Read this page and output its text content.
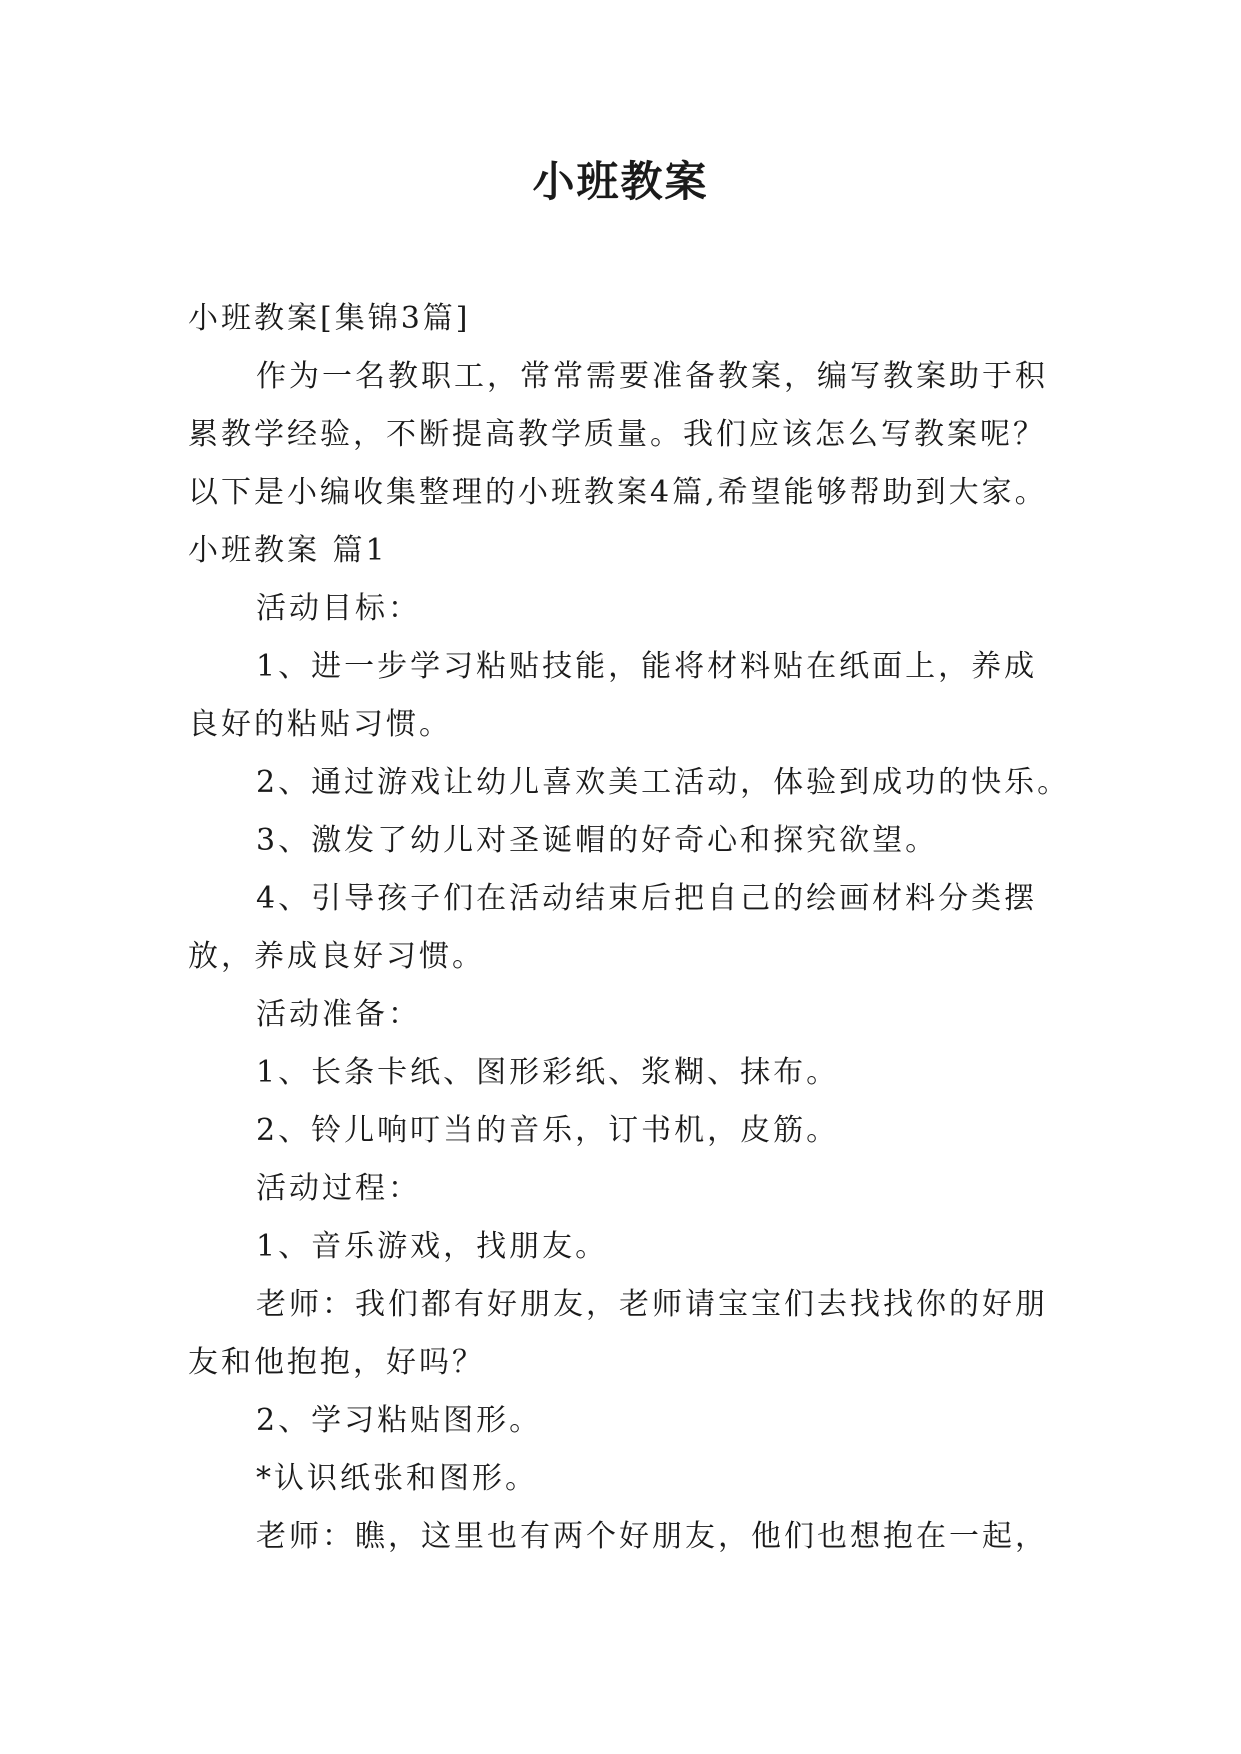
小班教案
小班教案[集锦3篇]
作为一名教职工，常常需要准备教案，编写教案助于积
累教学经验，不断提高教学质量。我们应该怎么写教案呢？
以下是小编收集整理的小班教案4篇,希望能够帮助到大家。
小班教案 篇1
活动目标：
1、进一步学习粘贴技能，能将材料贴在纸面上，养成
良好的粘贴习惯。
2、通过游戏让幼儿喜欢美工活动，体验到成功的快乐。
3、激发了幼儿对圣诞帽的好奇心和探究欲望。
4、引导孩子们在活动结束后把自己的绘画材料分类摆
放，养成良好习惯。
活动准备：
1、长条卡纸、图形彩纸、浆糊、抹布。
2、铃儿响叮当的音乐，订书机，皮筋。
活动过程：
1、音乐游戏，找朋友。
老师：我们都有好朋友，老师请宝宝们去找找你的好朋
友和他抱抱，好吗？
2、学习粘贴图形。
*认识纸张和图形。
老师：瞧，这里也有两个好朋友，他们也想抱在一起，
